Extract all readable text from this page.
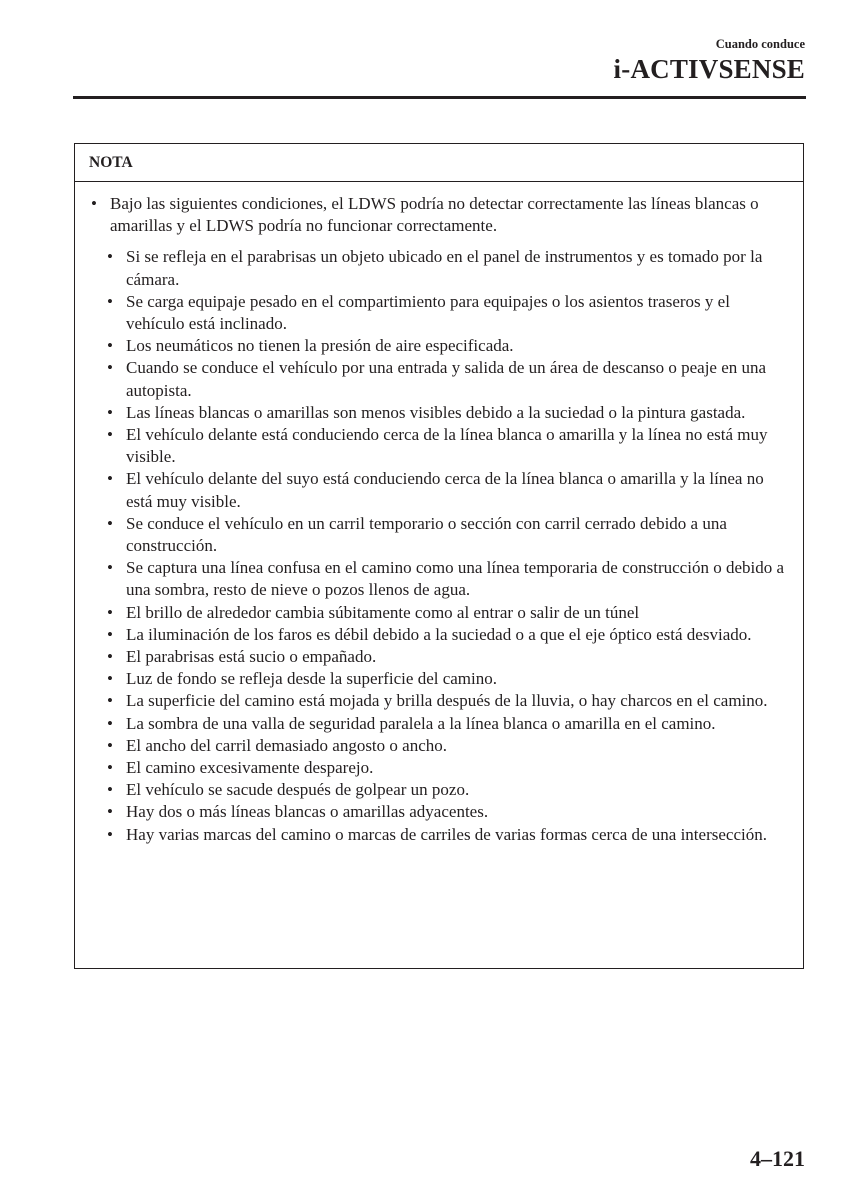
Cuando conduce
i-ACTIVSENSE
NOTA
• Bajo las siguientes condiciones, el LDWS podría no detectar correctamente las líneas blancas o amarillas y el LDWS podría no funcionar correctamente.
• Si se refleja en el parabrisas un objeto ubicado en el panel de instrumentos y es tomado por la cámara.
• Se carga equipaje pesado en el compartimiento para equipajes o los asientos traseros y el vehículo está inclinado.
• Los neumáticos no tienen la presión de aire especificada.
• Cuando se conduce el vehículo por una entrada y salida de un área de descanso o peaje en una autopista.
• Las líneas blancas o amarillas son menos visibles debido a la suciedad o la pintura gastada.
• El vehículo delante está conduciendo cerca de la línea blanca o amarilla y la línea no está muy visible.
• El vehículo delante del suyo está conduciendo cerca de la línea blanca o amarilla y la línea no está muy visible.
• Se conduce el vehículo en un carril temporario o sección con carril cerrado debido a una construcción.
• Se captura una línea confusa en el camino como una línea temporaria de construcción o debido a una sombra, resto de nieve o pozos llenos de agua.
• El brillo de alrededor cambia súbitamente como al entrar o salir de un túnel
• La iluminación de los faros es débil debido a la suciedad o a que el eje óptico está desviado.
• El parabrisas está sucio o empañado.
• Luz de fondo se refleja desde la superficie del camino.
• La superficie del camino está mojada y brilla después de la lluvia, o hay charcos en el camino.
• La sombra de una valla de seguridad paralela a la línea blanca o amarilla en el camino.
• El ancho del carril demasiado angosto o ancho.
• El camino excesivamente desparejo.
• El vehículo se sacude después de golpear un pozo.
• Hay dos o más líneas blancas o amarillas adyacentes.
• Hay varias marcas del camino o marcas de carriles de varias formas cerca de una intersección.
4–121
